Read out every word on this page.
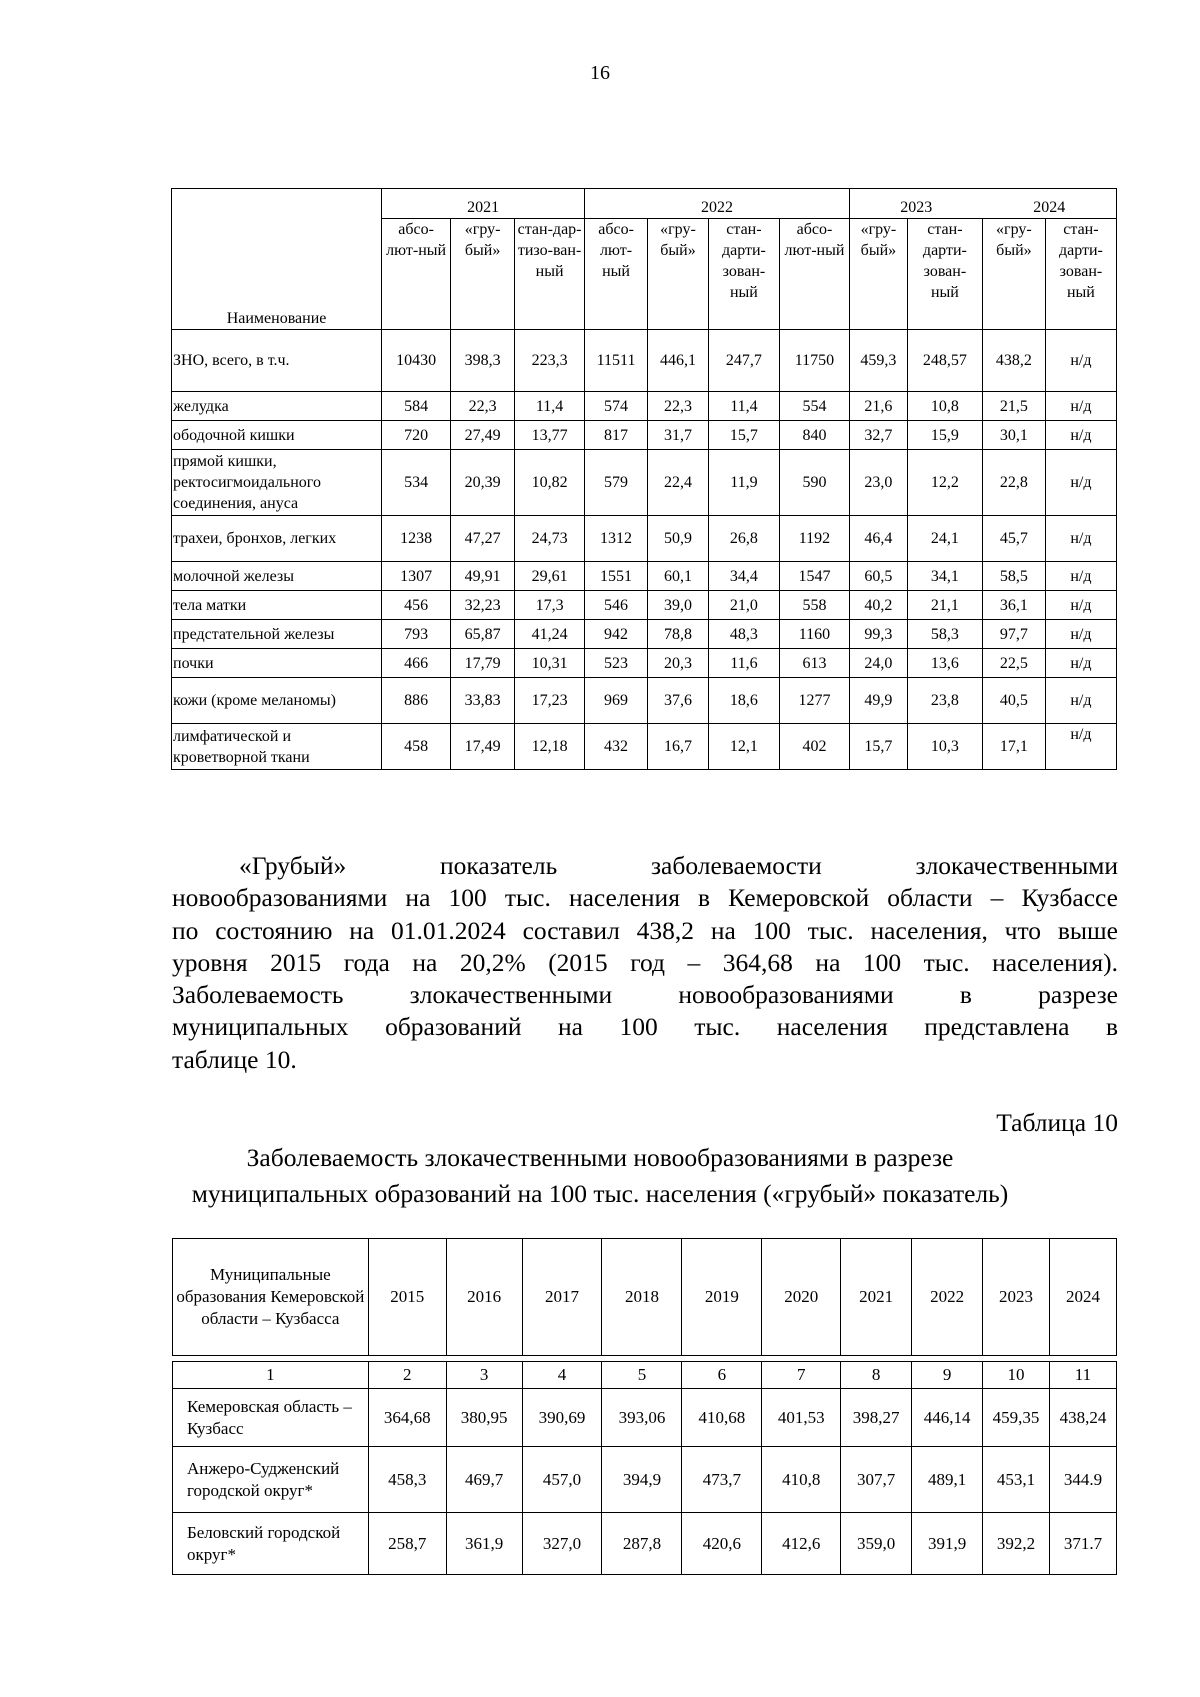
16
Наименование	2021			2022				2023		2024	
	абсо-лют-ный	«гру-бый»	стан-дар-тизо-ван-ный	абсо-лют-ный	«гру-бый»	стан-дарти-зован-ный	абсо-лют-ный	«гру-бый»	стан-дарти-зован-ный	«гру-бый»	стан-дарти-зован-ный
ЗНО, всего, в т.ч.	10430	398,3	223,3	11511	446,1	247,7	11750	459,3	248,57	438,2	н/д
желудка	584	22,3	11,4	574	22,3	11,4	554	21,6	10,8	21,5	н/д
ободочной кишки	720	27,49	13,77	817	31,7	15,7	840	32,7	15,9	30,1	н/д
прямой кишки, ректосигмоидального соединения, ануса	534	20,39	10,82	579	22,4	11,9	590	23,0	12,2	22,8	н/д
трахеи, бронхов, легких	1238	47,27	24,73	1312	50,9	26,8	1192	46,4	24,1	45,7	н/д
молочной железы	1307	49,91	29,61	1551	60,1	34,4	1547	60,5	34,1	58,5	н/д
тела матки	456	32,23	17,3	546	39,0	21,0	558	40,2	21,1	36,1	н/д
предстательной железы	793	65,87	41,24	942	78,8	48,3	1160	99,3	58,3	97,7	н/д
почки	466	17,79	10,31	523	20,3	11,6	613	24,0	13,6	22,5	н/д
кожи (кроме меланомы)	886	33,83	17,23	969	37,6	18,6	1277	49,9	23,8	40,5	н/д
лимфатической и кроветворной ткани	458	17,49	12,18	432	16,7	12,1	402	15,7	10,3	17,1	н/д
«Грубый» показатель заболеваемости злокачественными
новообразованиями на 100 тыс. населения в Кемеровской области – Кузбассе
по состоянию на 01.01.2024 составил 438,2 на 100 тыс. населения, что выше
уровня 2015 года на 20,2% (2015 год – 364,68 на 100 тыс. населения).
Заболеваемость злокачественными новообразованиями в разрезе
муниципальных образований на 100 тыс. населения представлена в
таблице 10.
Таблица 10
Заболеваемость злокачественными новообразованиями в разрезе
муниципальных образований на 100 тыс. населения («грубый» показатель)
Муниципальные образования Кемеровской области – Кузбасса	2015	2016	2017	2018	2019	2020	2021	2022	2023	2024

1	2	3	4	5	6	7	8	9	10	11
Кемеровская область – Кузбасс	364,68	380,95	390,69	393,06	410,68	401,53	398,27	446,14	459,35	438,24
Анжеро-Судженский городской округ*	458,3	469,7	457,0	394,9	473,7	410,8	307,7	489,1	453,1	344.9
Беловский городской округ*	258,7	361,9	327,0	287,8	420,6	412,6	359,0	391,9	392,2	371.7
